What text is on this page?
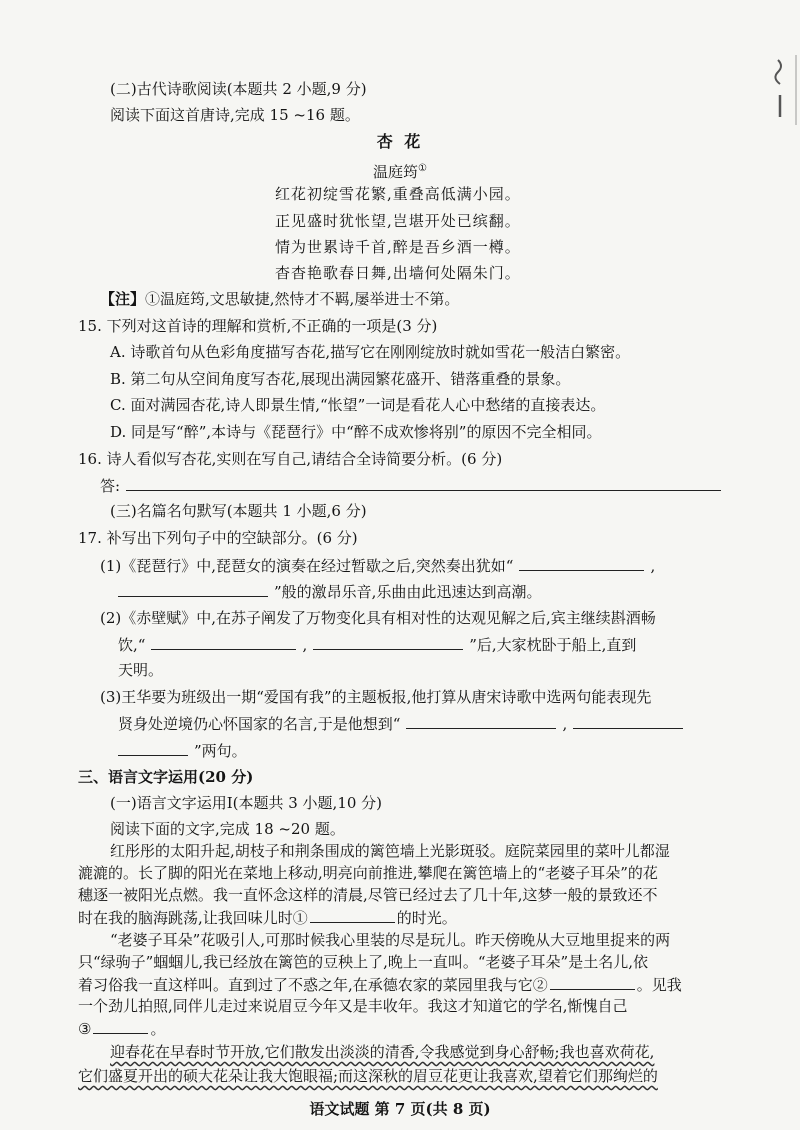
(二)古代诗歌阅读(本题共 2 小题,9 分)
阅读下面这首唐诗,完成 15 ~16 题。
杏 花
温庭筠①
红花初绽雪花繁,重叠高低满小园。
正见盛时犹怅望,岂堪开处已缤翻。
情为世累诗千首,醉是吾乡酒一樽。
杳杳艳歌春日舞,出墙何处隔朱门。
【注】①温庭筠,文思敏捷,然恃才不羁,屡举进士不第。
15. 下列对这首诗的理解和赏析,不正确的一项是(3 分)
A. 诗歌首句从色彩角度描写杏花,描写它在刚刚绽放时就如雪花一般洁白繁密。
B. 第二句从空间角度写杏花,展现出满园繁花盛开、错落重叠的景象。
C. 面对满园杏花,诗人即景生情,“怅望”一词是看花人心中愁绪的直接表达。
D. 同是写“醉”,本诗与《琵琶行》中“醉不成欢惨将别”的原因不完全相同。
16. 诗人看似写杏花,实则在写自己,请结合全诗简要分析。(6 分)
答:
(三)名篇名句默写(本题共 1 小题,6 分)
17. 补写出下列句子中的空缺部分。(6 分)
(1)《琵琶行》中,琵琶女的演奏在经过暂歇之后,突然奏出犹如“	,
”般的激昂乐音,乐曲由此迅速达到高潮。
(2)《赤壁赋》中,在苏子阐发了万物变化具有相对性的达观见解之后,宾主继续斟酒畅
饮,“	,	”后,大家枕卧于船上,直到
天明。
(3)王华要为班级出一期“爱国有我”的主题板报,他打算从唐宋诗歌中选两句能表现先
贤身处逆境仍心怀国家的名言,于是他想到“	,
”两句。
三、语言文字运用(20 分)
(一)语言文字运用Ⅰ(本题共 3 小题,10 分)
阅读下面的文字,完成 18 ~20 题。
红彤彤的太阳升起,胡枝子和荆条围成的篱笆墙上光影斑驳。庭院菜园里的菜叶儿都湿
漉漉的。长了脚的阳光在菜地上移动,明亮向前推进,攀爬在篱笆墙上的“老婆子耳朵”的花
穗逐一被阳光点燃。我一直怀念这样的清晨,尽管已经过去了几十年,这梦一般的景致还不
时在我的脑海跳荡,让我回味儿时①	的时光。
“老婆子耳朵”花吸引人,可那时候我心里装的尽是玩儿。昨天傍晚从大豆地里捉来的两
只“绿驹子”蝈蝈儿,我已经放在篱笆的豆秧上了,晚上一直叫。“老婆子耳朵”是土名儿,依
着习俗我一直这样叫。直到过了不惑之年,在承德农家的菜园里我与它②	。见我
一个劲儿拍照,同伴儿走过来说眉豆今年又是丰收年。我这才知道它的学名,惭愧自己
③	。
语文试题 第 7 页(共 8 页)
迎春花在早春时节开放,它们散发出淡淡的清香,令我感觉到身心舒畅;我也喜欢荷花,
它们盛夏开出的硕大花朵让我大饱眼福;而这深秋的眉豆花更让我喜欢,望着它们那绚烂的
